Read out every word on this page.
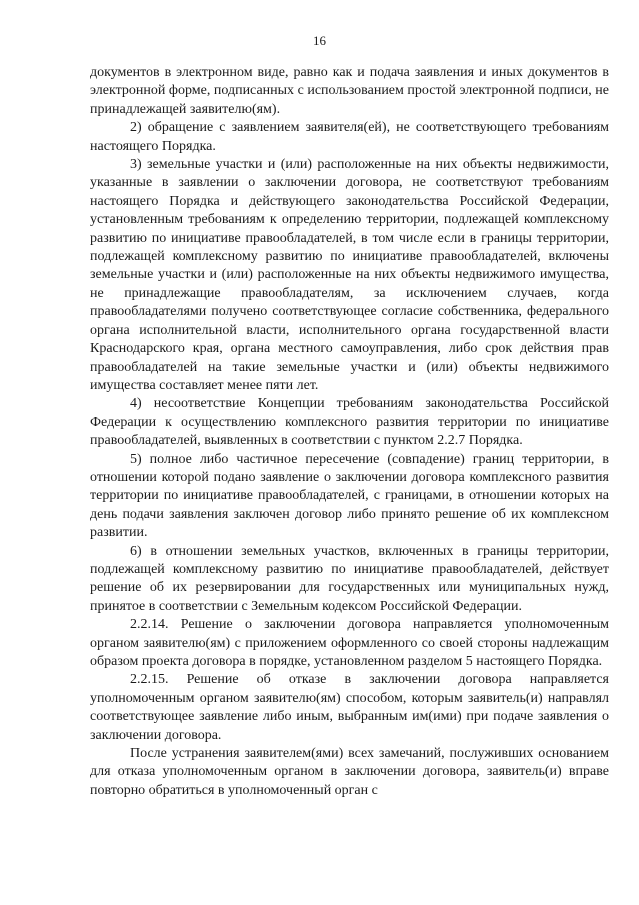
16

документов в электронном виде, равно как и подача заявления и иных документов в электронной форме, подписанных с использованием простой электронной подписи, не принадлежащей заявителю(ям).

2) обращение с заявлением заявителя(ей), не соответствующего требованиям настоящего Порядка.

3) земельные участки и (или) расположенные на них объекты недвижимости, указанные в заявлении о заключении договора, не соответствуют требованиям настоящего Порядка и действующего законодательства Российской Федерации, установленным требованиям к определению территории, подлежащей комплексному развитию по инициативе правообладателей, в том числе если в границы территории, подлежащей комплексному развитию по инициативе правообладателей, включены земельные участки и (или) расположенные на них объекты недвижимого имущества, не принадлежащие правообладателям, за исключением случаев, когда правообладателями получено соответствующее согласие собственника, федерального органа исполнительной власти, исполнительного органа государственной власти Краснодарского края, органа местного самоуправления, либо срок действия прав правообладателей на такие земельные участки и (или) объекты недвижимого имущества составляет менее пяти лет.

4) несоответствие Концепции требованиям законодательства Российской Федерации к осуществлению комплексного развития территории по инициативе правообладателей, выявленных в соответствии с пунктом 2.2.7 Порядка.

5) полное либо частичное пересечение (совпадение) границ территории, в отношении которой подано заявление о заключении договора комплексного развития территории по инициативе правообладателей, с границами, в отношении которых на день подачи заявления заключен договор либо принято решение об их комплексном развитии.

6) в отношении земельных участков, включенных в границы территории, подлежащей комплексному развитию по инициативе правообладателей, действует решение об их резервировании для государственных или муниципальных нужд, принятое в соответствии с Земельным кодексом Российской Федерации.

2.2.14. Решение о заключении договора направляется уполномоченным органом заявителю(ям) с приложением оформленного со своей стороны надлежащим образом проекта договора в порядке, установленном разделом 5 настоящего Порядка.

2.2.15. Решение об отказе в заключении договора направляется уполномоченным органом заявителю(ям) способом, которым заявитель(и) направлял соответствующее заявление либо иным, выбранным им(ими) при подаче заявления о заключении договора.

После устранения заявителем(ями) всех замечаний, послуживших основанием для отказа уполномоченным органом в заключении договора, заявитель(и) вправе повторно обратиться в уполномоченный орган с
